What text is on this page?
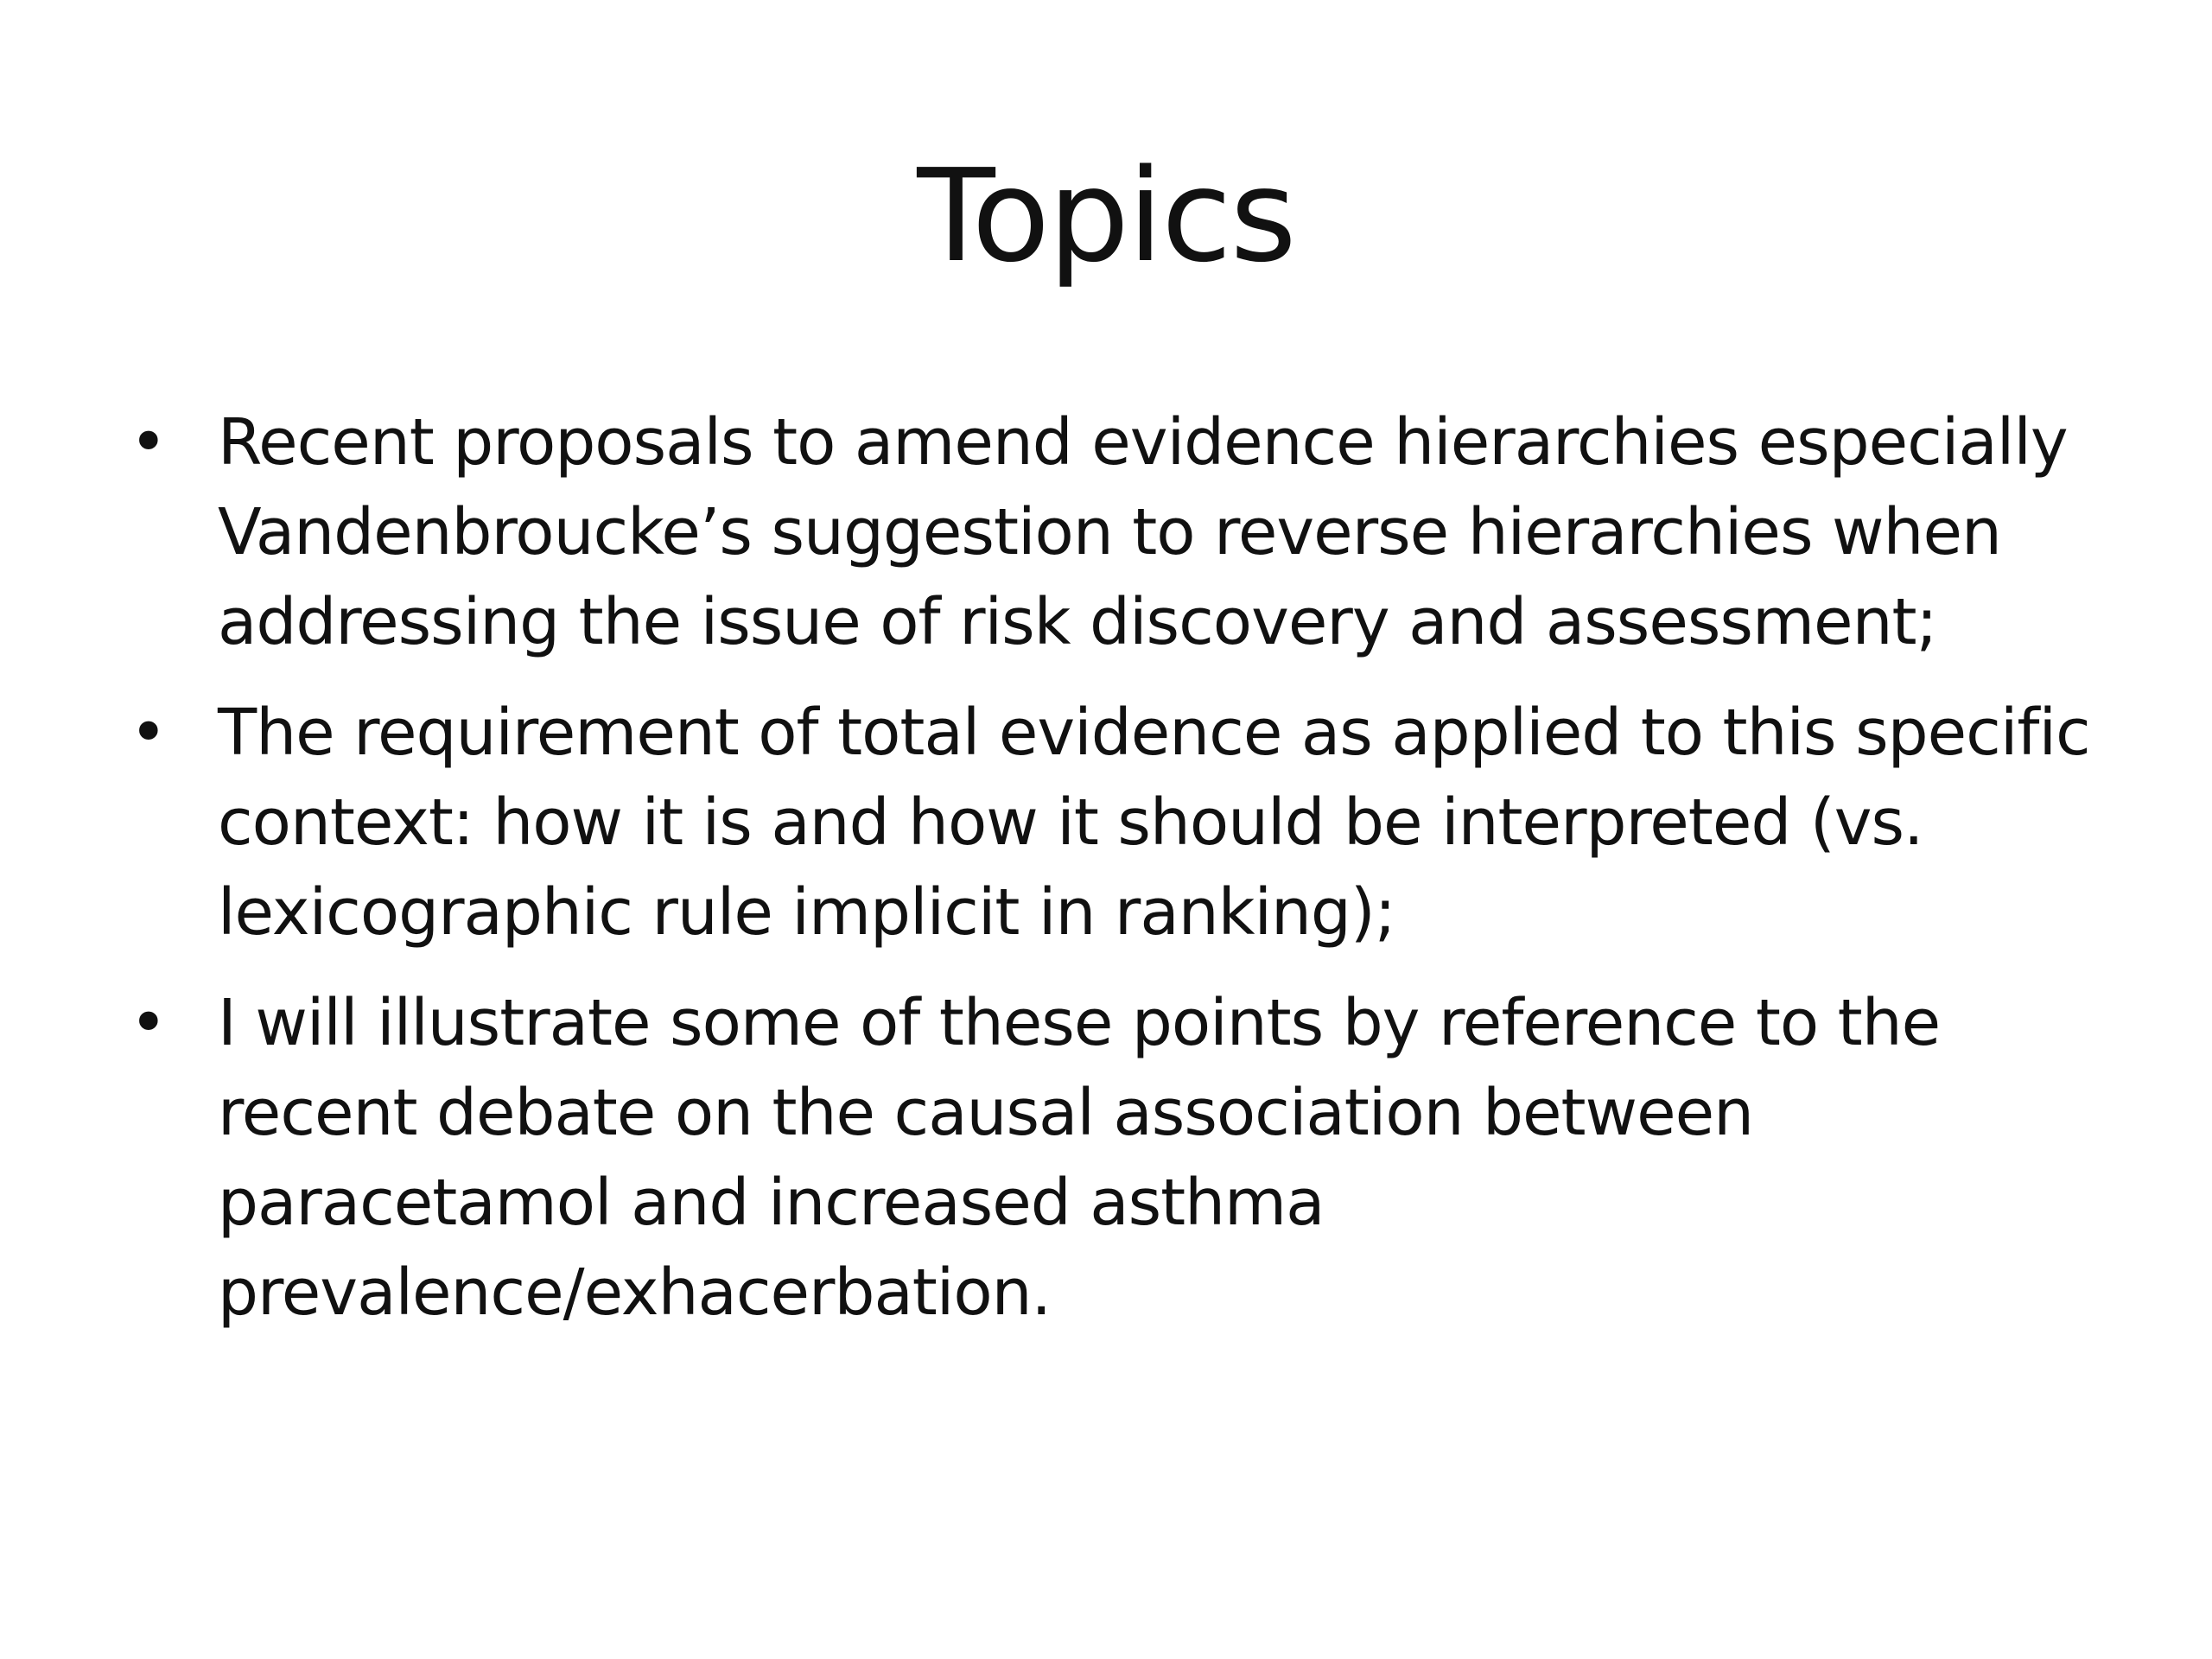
Topics
• Recent proposals to amend evidence hierarchies especially Vandenbroucke’s suggestion to reverse hierarchies when addressing the issue of risk discovery and assessment;
• The requirement of total evidence as applied to this specific context: how it is and how it should be interpreted (vs. lexicographic rule implicit in ranking);
• I will illustrate some of these points by reference to the recent debate on the causal association between paracetamol and increased asthma prevalence/exhacerbation.
